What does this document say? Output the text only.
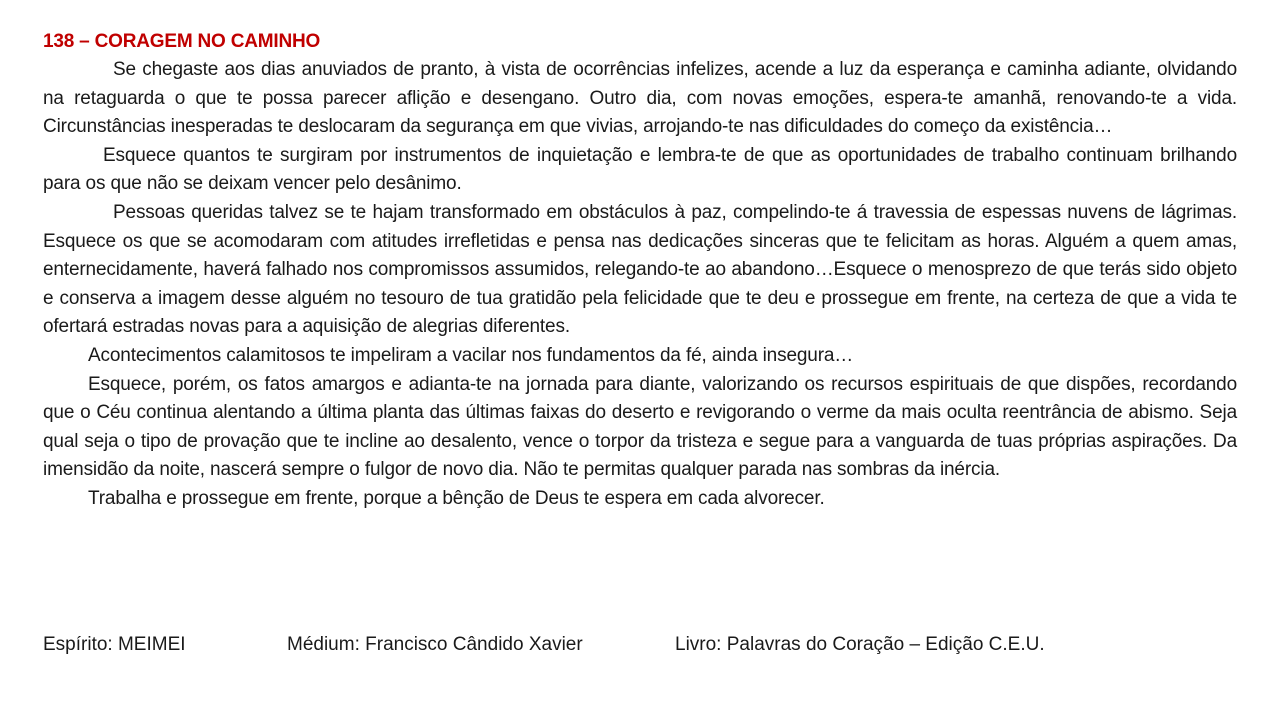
138 – CORAGEM NO CAMINHO

Se chegaste aos dias anuviados de pranto, à vista de ocorrências infelizes, acende a luz da esperança e caminha adiante, olvidando na retaguarda o que te possa parecer aflição e desengano. Outro dia, com novas emoções, espera-te amanhã, renovando-te a vida. Circunstâncias inesperadas te deslocaram da segurança em que vivias, arrojando-te nas dificuldades do começo da existência…

Esquece quantos te surgiram por instrumentos de inquietação e lembra-te de que as oportunidades de trabalho continuam brilhando para os que não se deixam vencer pelo desânimo.

Pessoas queridas talvez se te hajam transformado em obstáculos à paz, compelindo-te á travessia de espessas nuvens de lágrimas. Esquece os que se acomodaram com atitudes irrefletidas e pensa nas dedicações sinceras que te felicitam as horas. Alguém a quem amas, enternecidamente, haverá falhado nos compromissos assumidos, relegando-te ao abandono…Esquece o menosprezo de que terás sido objeto e conserva a imagem desse alguém no tesouro de tua gratidão pela felicidade que te deu e prossegue em frente, na certeza de que a vida te ofertará estradas novas para a aquisição de alegrias diferentes.

Acontecimentos calamitosos te impeliram a vacilar nos fundamentos da fé, ainda insegura…

Esquece, porém, os fatos amargos e adianta-te na jornada para diante, valorizando os recursos espirituais de que dispões, recordando que o Céu continua alentando a última planta das últimas faixas do deserto e revigorando o verme da mais oculta reentrância de abismo. Seja qual seja o tipo de provação que te incline ao desalento, vence o torpor da tristeza e segue para a vanguarda de tuas próprias aspirações. Da imensidão da noite, nascerá sempre o fulgor de novo dia. Não te permitas qualquer parada nas sombras da inércia.

Trabalha e prossegue em frente, porque a bênção de Deus te espera em cada alvorecer.

Espírito: MEIMEI	Médium: Francisco Cândido Xavier	Livro: Palavras do Coração – Edição C.E.U.
